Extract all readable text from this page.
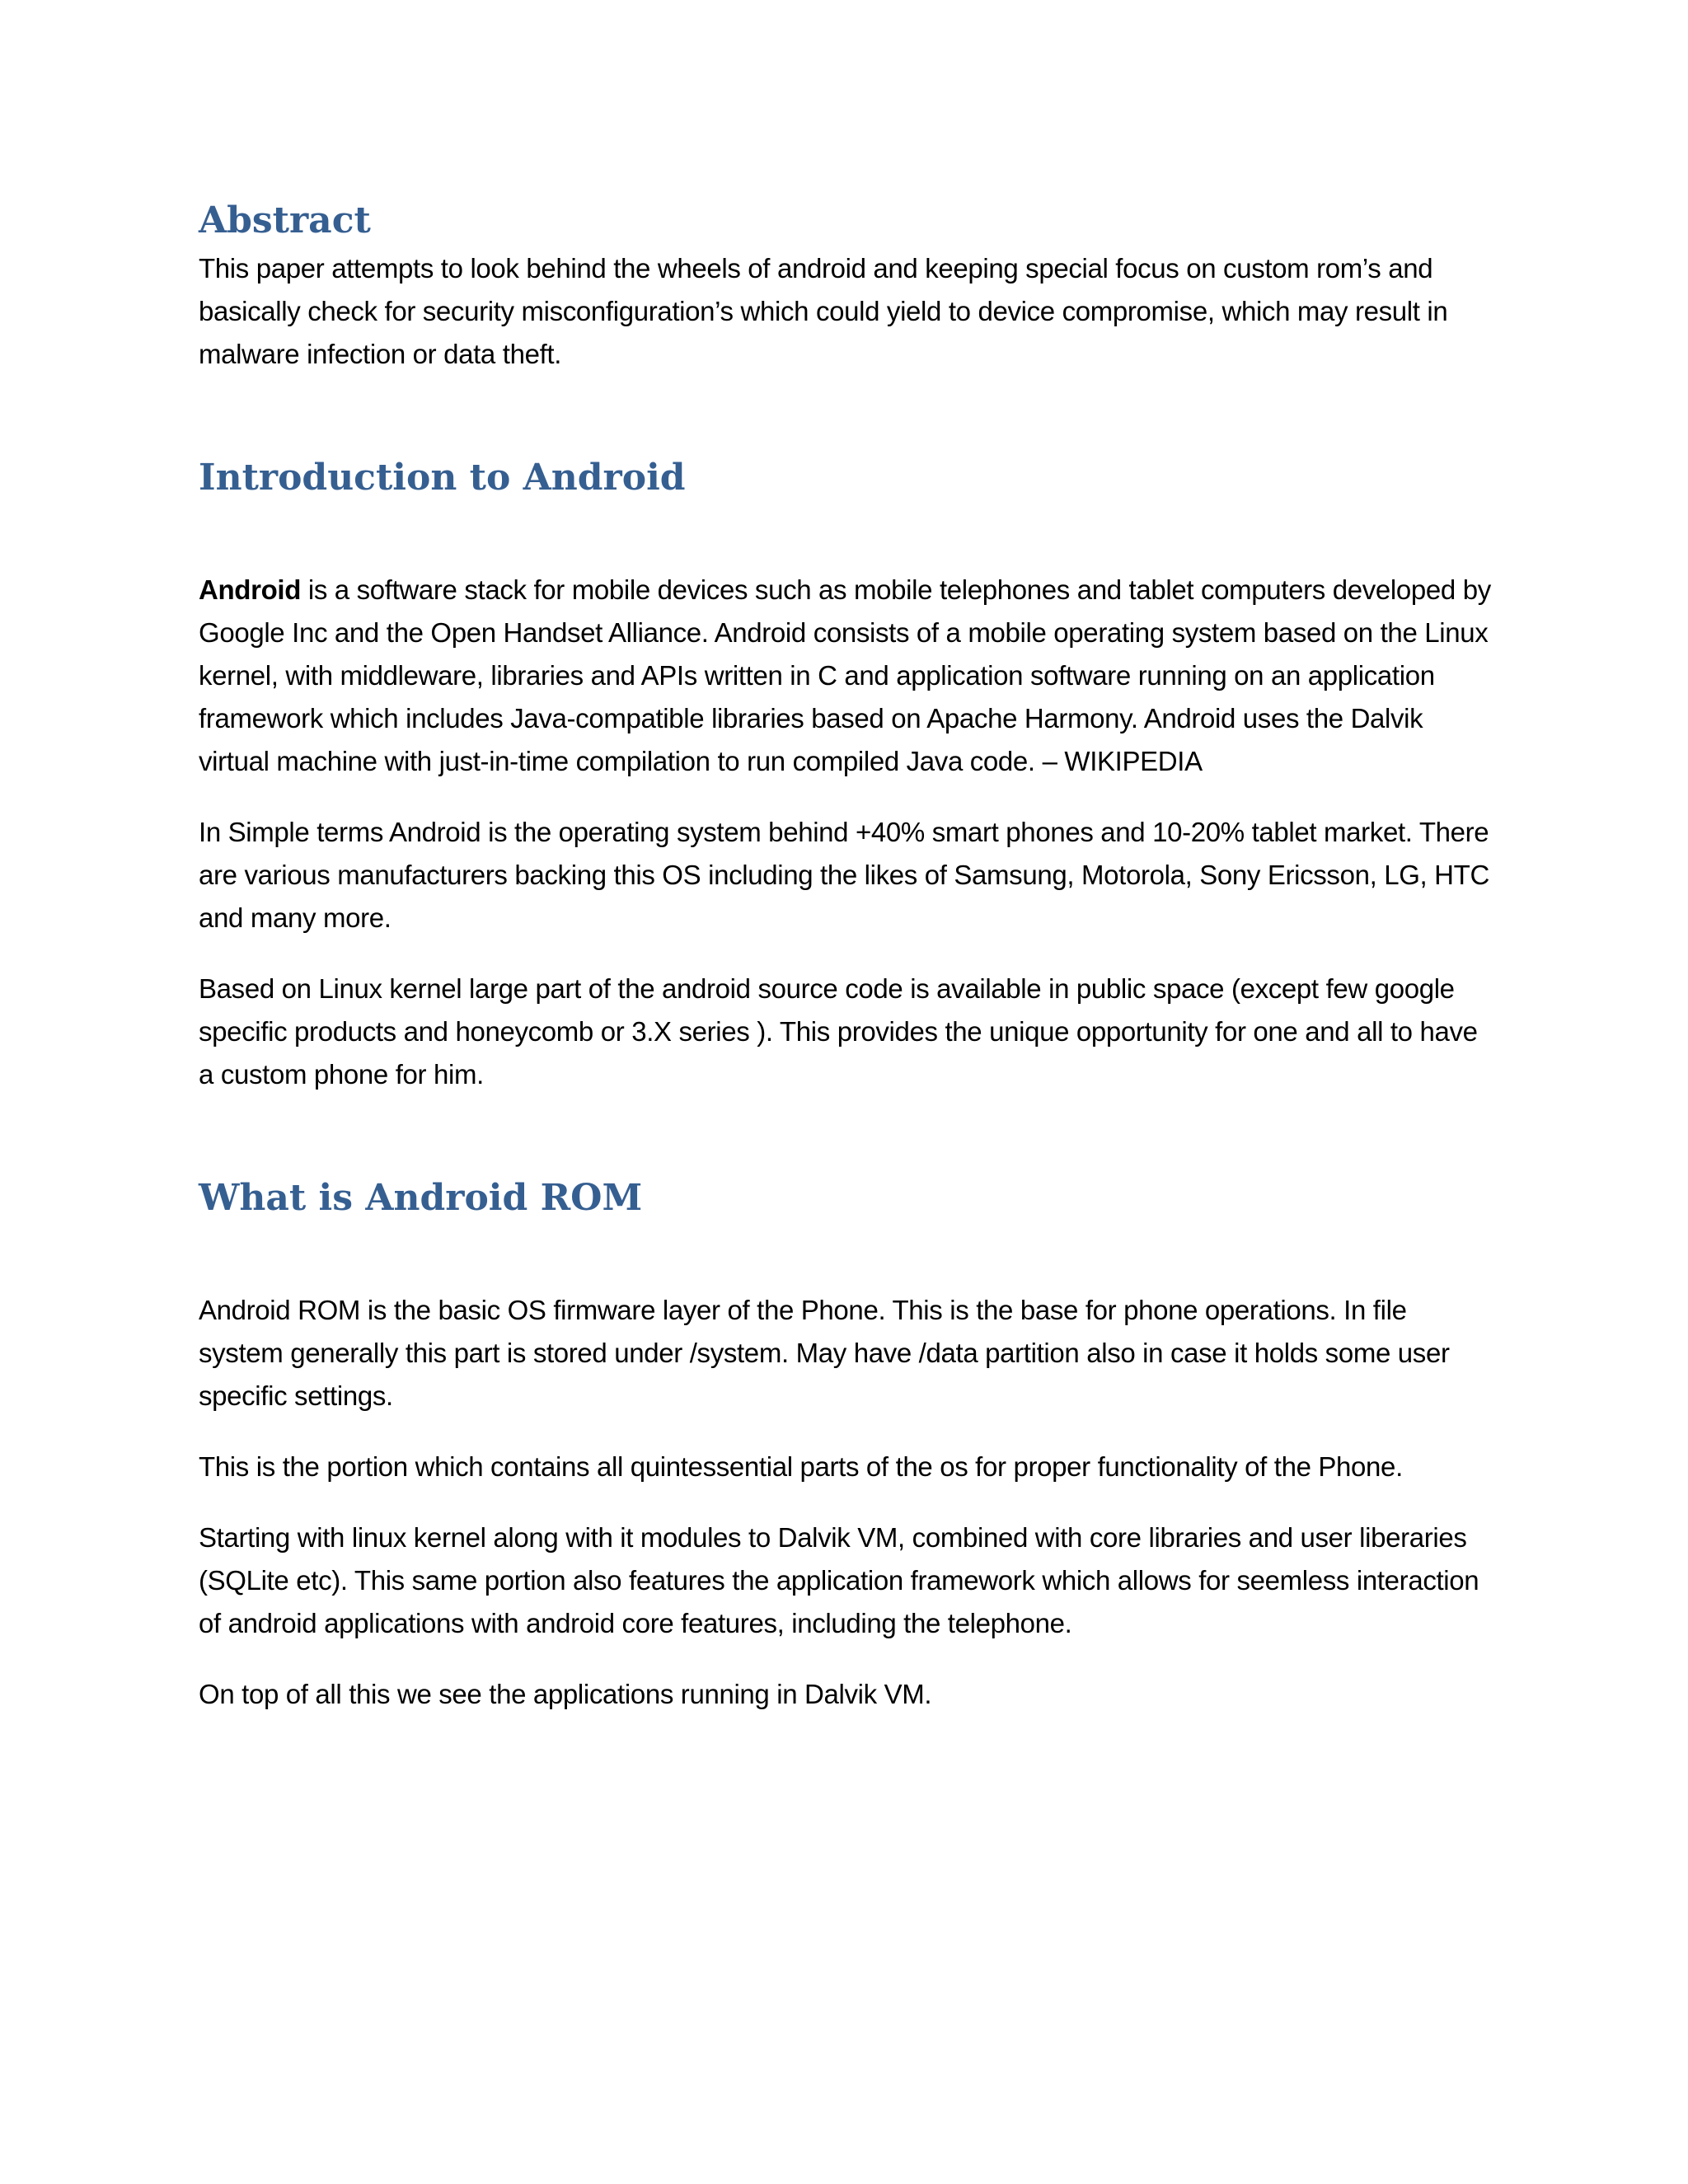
Abstract

This paper attempts to look behind the wheels of android and keeping special focus on custom rom’s and basically check for security misconfiguration’s which could yield to device compromise, which may result in malware infection or data theft.

Introduction to Android

Android is a software stack for mobile devices such as mobile telephones and tablet computers developed by Google Inc and the Open Handset Alliance. Android consists of a mobile operating system based on the Linux kernel, with middleware, libraries and APIs written in C and application software running on an application framework which includes Java-compatible libraries based on Apache Harmony. Android uses the Dalvik virtual machine with just-in-time compilation to run compiled Java code. – WIKIPEDIA

In Simple terms Android is the operating system behind +40% smart phones and 10-20% tablet market. There are various manufacturers backing this OS including the likes of Samsung, Motorola, Sony Ericsson, LG, HTC and many more.

Based on Linux kernel large part of the android source code is available in public space (except few google specific products and honeycomb or 3.X series ). This provides the unique opportunity for one and all to have a custom phone for him.

What is Android ROM

Android ROM is the basic OS firmware layer of the Phone. This is the base for phone operations. In file system generally this part is stored under /system. May have /data partition also in case it holds some user specific settings.

This is the portion which contains all quintessential parts of the os for proper functionality of the Phone.

Starting with linux kernel along with it modules to Dalvik VM, combined with core libraries and user liberaries (SQLite etc). This same portion also features the application framework which allows for seemless interaction of android applications with android core features, including the telephone.

On top of all this we see the applications running in Dalvik VM.
